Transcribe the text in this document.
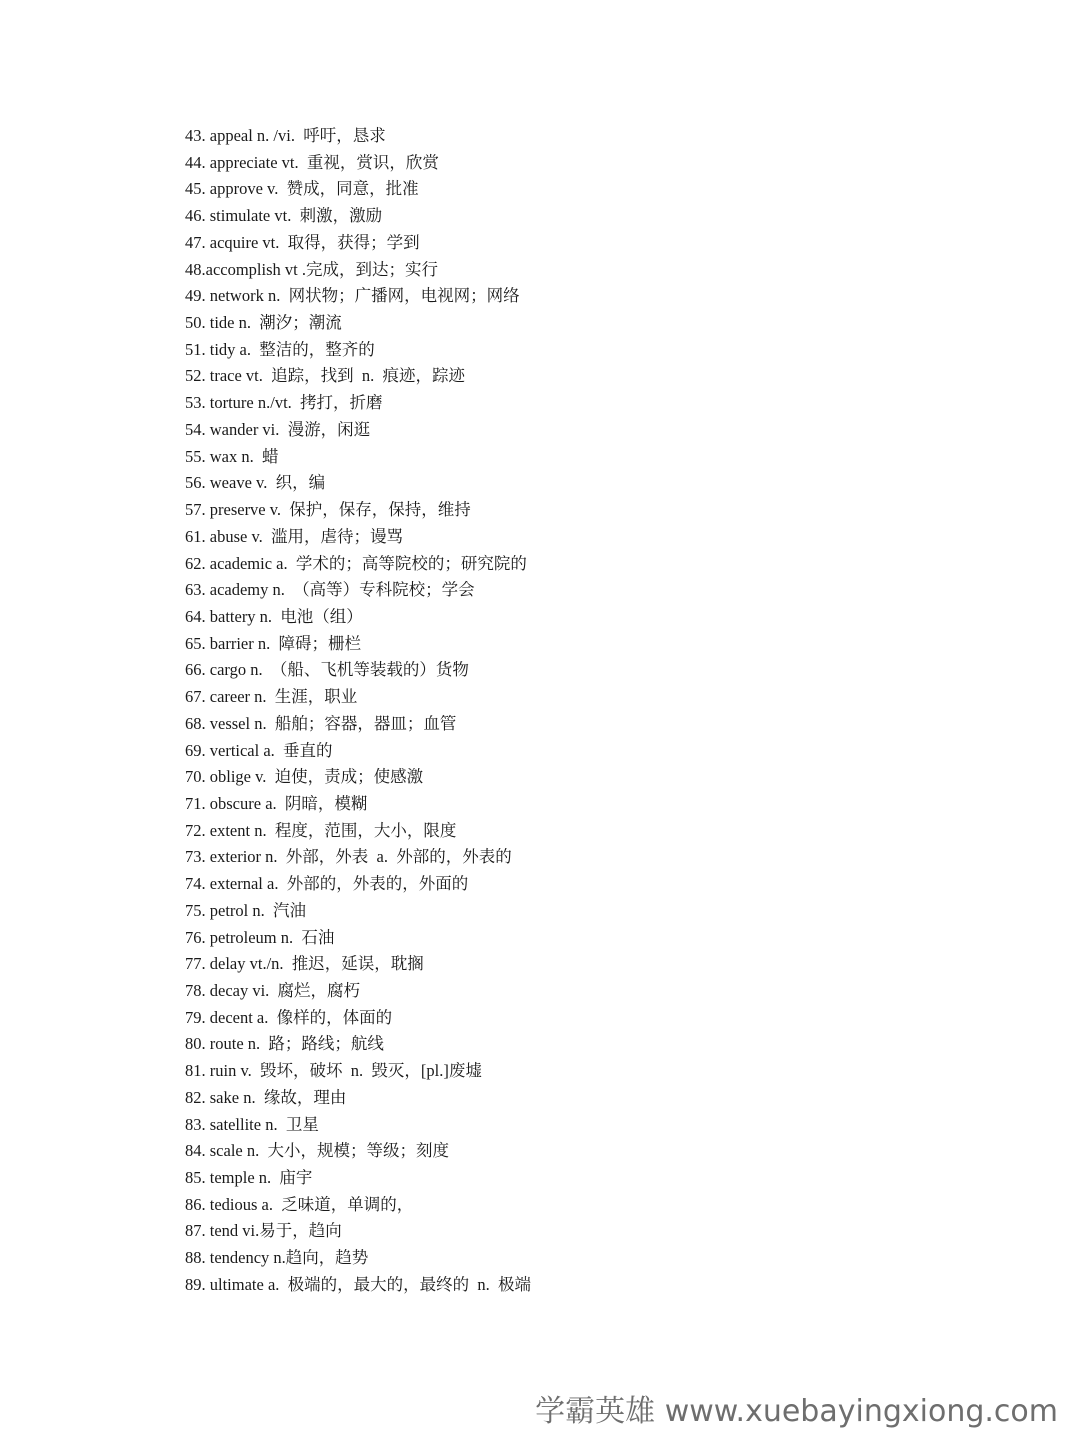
43. appeal n. /vi.  呼吁，恳求
44. appreciate vt.  重视，赏识，欣赏
45. approve v.  赞成，同意，批准
46. stimulate vt.  刺激，激励
47. acquire vt.  取得，获得；学到
48.accomplish vt .完成，到达；实行
49. network n.  网状物；广播网，电视网；网络
50. tide n.  潮汐；潮流
51. tidy a.  整洁的，整齐的
52. trace vt.  追踪，找到  n.  痕迹，踪迹
53. torture n./vt.  拷打，折磨
54. wander vi.  漫游，闲逛
55. wax n.  蜡
56. weave v.  织，编
57. preserve v.  保护，保存，保持，维持
61. abuse v.  滥用，虐待；谩骂
62. academic a.  学术的；高等院校的；研究院的
63. academy n.  （高等）专科院校；学会
64. battery n.  电池（组）
65. barrier n.  障碍；栅栏
66. cargo n.  （船、飞机等装载的）货物
67. career n.  生涯，职业
68. vessel n.  船舶；容器，器皿；血管
69. vertical a.  垂直的
70. oblige v.  迫使，责成；使感激
71. obscure a.  阴暗，模糊
72. extent n.  程度，范围，大小，限度
73. exterior n.  外部，外表  a.  外部的，外表的
74. external a.  外部的，外表的，外面的
75. petrol n.  汽油
76. petroleum n.  石油
77. delay vt./n.  推迟，延误，耽搁
78. decay vi.  腐烂，腐朽
79. decent a.  像样的，体面的
80. route n.  路；路线；航线
81. ruin v.  毁坏，破坏  n.  毁灭，[pl.]废墟
82. sake n.  缘故，理由
83. satellite n.  卫星
84. scale n.  大小，规模；等级；刻度
85. temple n.  庙宇
86. tedious a.  乏味道，单调的，
87. tend vi.易于，趋向
88. tendency n.趋向，趋势
89. ultimate a.  极端的，最大的，最终的  n.  极端
学霸英雄 www.xuebayingxiong.com
